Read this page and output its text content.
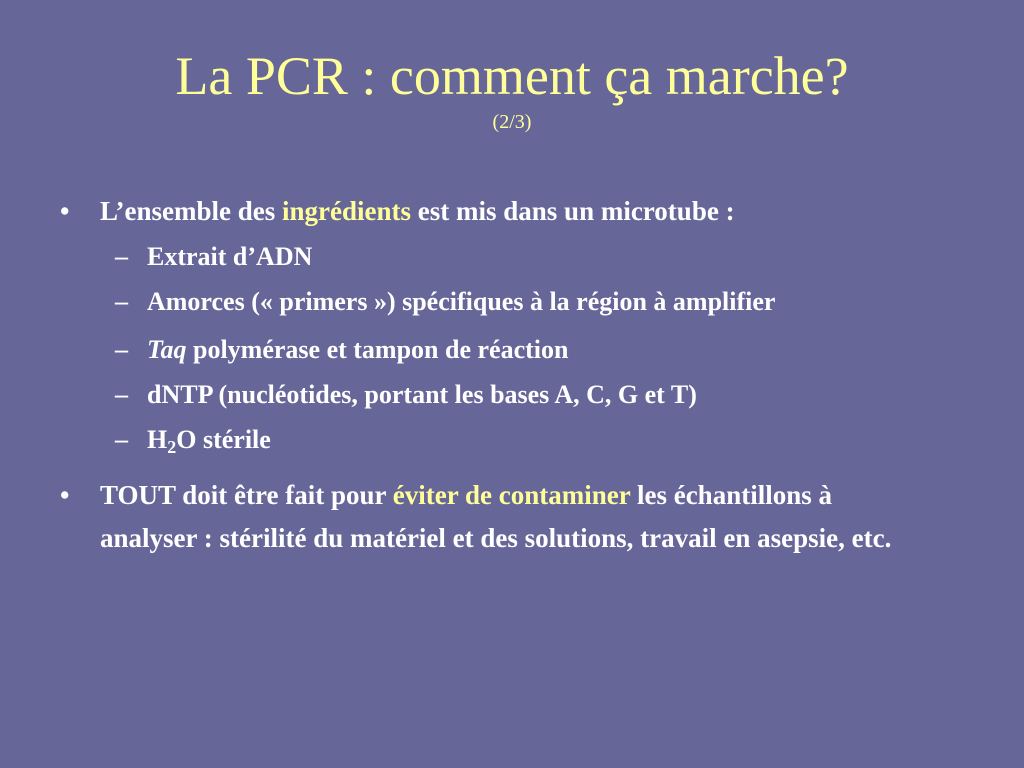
La PCR : comment ça marche?
(2/3)
•	L’ensemble des ingrédients est mis dans un microtube :
– Extrait d’ADN
– Amorces (« primers ») spécifiques à la région à amplifier
– Taq polymérase et tampon de réaction
– dNTP (nucléotides, portant les bases A, C, G et T)
– $H_2O$ stérile
•	TOUT doit être fait pour éviter de contaminer les échantillons à analyser : stérilité du matériel et des solutions, travail en asepsie, etc.
